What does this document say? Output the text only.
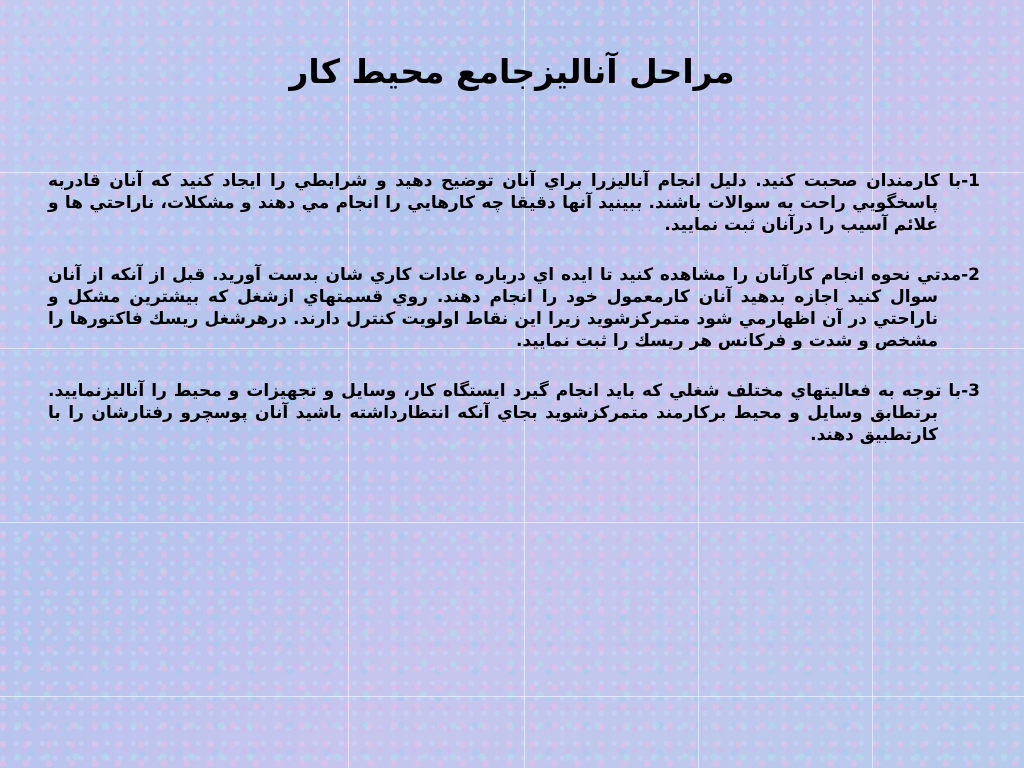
مراحل آناليزجامع محيط كار

1-با كارمندان صحبت كنيد. دليل انجام آناليزرا براي آنان توضيح دهيد و شرايطي را ايجاد كنيد كه آنان قادربه پاسخگويي راحت به سوالات باشند. ببينيد آنها دقيقا چه كارهايي را انجام مي دهند و مشكلات، ناراحتي ها و علائم آسيب را درآنان ثبت نماييد.

2-مدتي نحوه انجام كارآنان را مشاهده كنيد تا ايده اي درباره عادات كاري شان بدست آوريد. قبل از آنكه از آنان سوال كنيد اجازه بدهيد آنان كارمعمول خود را انجام دهند. روي قسمتهاي ازشغل كه بيشترين مشكل و ناراحتي در آن اظهارمي شود متمركزشويد زيرا اين نقاط اولويت كنترل دارند. درهرشغل ريسك فاكتورها را مشخص و شدت و فركانس هر ريسك را ثبت نماييد.

3-با توجه به فعاليتهاي مختلف شغلي كه بايد انجام گيرد ايستگاه كار، وسايل و تجهيزات و محيط را آناليزنماييد. برتطابق وسايل و محيط بركارمند متمركزشويد بجاي آنكه انتظارداشته باشيد آنان پوسچرو رفتارشان را با كارتطبيق دهند.
